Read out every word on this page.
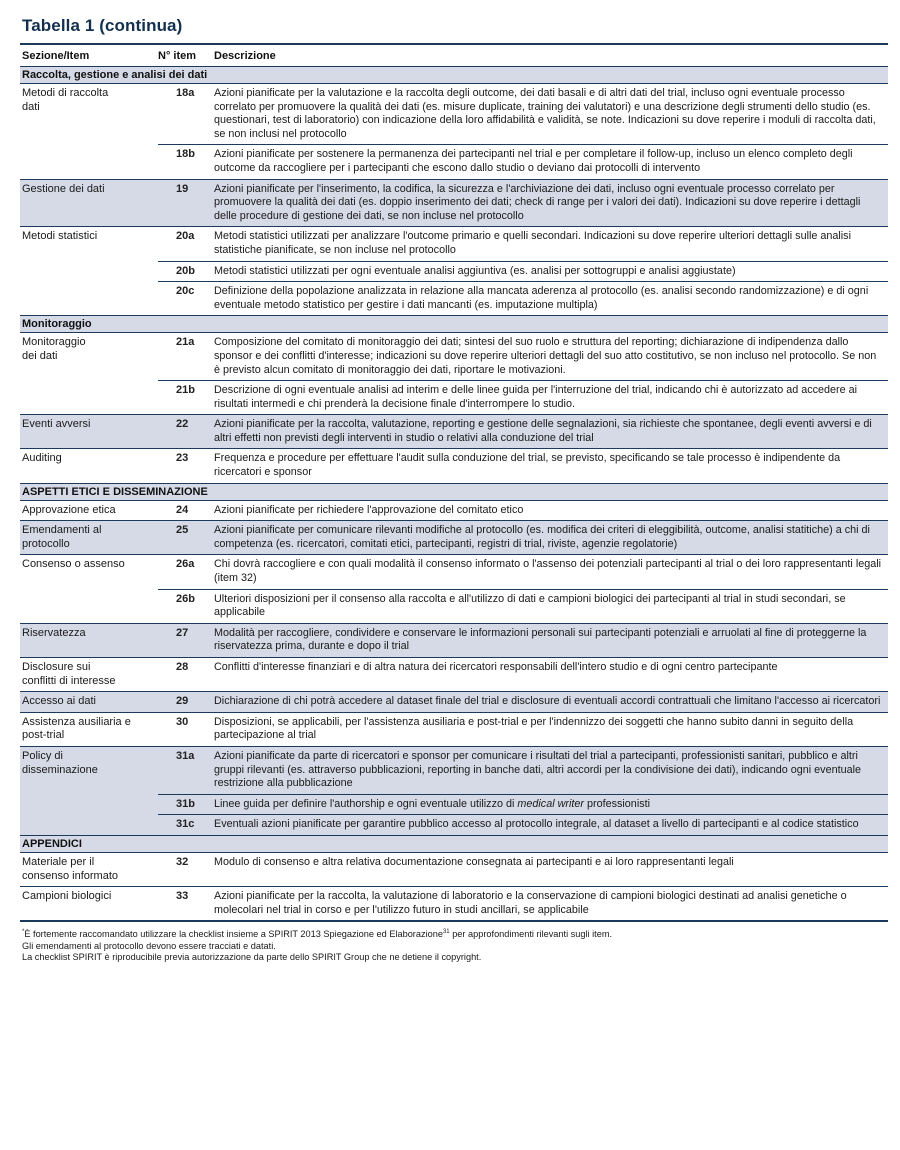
Tabella 1 (continua)
Sezione/Item	N° item	Descrizione
Raccolta, gestione e analisi dei dati
Metodi di raccolta
dati
18a	Azioni pianificate per la valutazione e la raccolta degli outcome, dei dati basali e di altri dati del trial, incluso ogni eventuale processo correlato per promuovere la qualità dei dati (es. misure duplicate, training dei valutatori) e una descrizione degli strumenti dello studio (es. questionari, test di laboratorio) con indicazione della loro affidabilità e validità, se note. Indicazioni su dove reperire i moduli di raccolta dati, se non inclusi nel protocollo
18b	Azioni pianificate per sostenere la permanenza dei partecipanti nel trial e per completare il follow-up, incluso un elenco completo degli outcome da raccogliere per i partecipanti che escono dallo studio o deviano dai protocolli di intervento
Gestione dei dati	19	Azioni pianificate per l'inserimento, la codifica, la sicurezza e l'archiviazione dei dati, incluso ogni eventuale processo correlato per promuovere la qualità dei dati (es. doppio inserimento dei dati; check di range per i valori dei dati). Indicazioni su dove reperire i dettagli delle procedure di gestione dei dati, se non incluse nel protocollo
Metodi statistici	20a	Metodi statistici utilizzati per analizzare l'outcome primario e quelli secondari. Indicazioni su dove reperire ulteriori dettagli sulle analisi statistiche pianificate, se non incluse nel protocollo
20b	Metodi statistici utilizzati per ogni eventuale analisi aggiuntiva (es. analisi per sottogruppi e analisi aggiustate)
20c	Definizione della popolazione analizzata in relazione alla mancata aderenza al protocollo (es. analisi secondo randomizzazione) e di ogni eventuale metodo statistico per gestire i dati mancanti (es. imputazione multipla)
Monitoraggio
Monitoraggio
dei dati
21a	Composizione del comitato di monitoraggio dei dati; sintesi del suo ruolo e struttura del reporting; dichiarazione di indipendenza dallo sponsor e dei conflitti d'interesse; indicazioni su dove reperire ulteriori dettagli del suo atto costitutivo, se non incluso nel protocollo. Se non è previsto alcun comitato di monitoraggio dei dati, riportare le motivazioni.
21b	Descrizione di ogni eventuale analisi ad interim e delle linee guida per l'interruzione del trial, indicando chi è autorizzato ad accedere ai risultati intermedi e chi prenderà la decisione finale d'interrompere lo studio.
Eventi avversi	22	Azioni pianificate per la raccolta, valutazione, reporting e gestione delle segnalazioni, sia richieste che spontanee, degli eventi avversi e di altri effetti non previsti degli interventi in studio o relativi alla conduzione del trial
Auditing	23	Frequenza e procedure per effettuare l'audit sulla conduzione del trial, se previsto, specificando se tale processo è indipendente da ricercatori e sponsor
ASPETTI ETICI E DISSEMINAZIONE
Approvazione etica	24	Azioni pianificate per richiedere l'approvazione del comitato etico
Emendamenti al
protocollo
25	Azioni pianificate per comunicare rilevanti modifiche al protocollo (es. modifica dei criteri di eleggibilità, outcome, analisi statitiche) a chi di competenza (es. ricercatori, comitati etici, partecipanti, registri di trial, riviste, agenzie regolatorie)
Consenso o assenso	26a	Chi dovrà raccogliere e con quali modalità il consenso informato o l'assenso dei potenziali partecipanti al trial o dei loro rappresentanti legali (item 32)
26b	Ulteriori disposizioni per il consenso alla raccolta e all'utilizzo di dati e campioni biologici dei partecipanti al trial in studi secondari, se applicabile
Riservatezza	27	Modalità per raccogliere, condividere e conservare le informazioni personali sui partecipanti potenziali e arruolati al fine di proteggerne la riservatezza prima, durante e dopo il trial
Disclosure sui
conflitti di interesse
28	Conflitti d'interesse finanziari e di altra natura dei ricercatori responsabili dell'intero studio e di ogni centro partecipante
Accesso ai dati	29	Dichiarazione di chi potrà accedere al dataset finale del trial e disclosure di eventuali accordi contrattuali che limitano l'accesso ai ricercatori
Assistenza ausiliaria e
post-trial
30	Disposizioni, se applicabili, per l'assistenza ausiliaria e post-trial e per l'indennizzo dei soggetti che hanno subito danni in seguito della partecipazione al trial
Policy di
disseminazione
31a	Azioni pianificate da parte di ricercatori e sponsor per comunicare i risultati del trial a partecipanti, professionisti sanitari, pubblico e altri gruppi rilevanti (es. attraverso pubblicazioni, reporting in banche dati, altri accordi per la condivisione dei dati), indicando ogni eventuale restrizione alla pubblicazione
31b	Linee guida per definire l'authorship e ogni eventuale utilizzo di medical writer professionisti
31c	Eventuali azioni pianificate per garantire pubblico accesso al protocollo integrale, al dataset a livello di partecipanti e al codice statistico
APPENDICI
Materiale per il
consenso informato
32	Modulo di consenso e altra relativa documentazione consegnata ai partecipanti e ai loro rappresentanti legali
Campioni biologici	33	Azioni pianificate per la raccolta, la valutazione di laboratorio e la conservazione di campioni biologici destinati ad analisi genetiche o molecolari nel trial in corso e per l'utilizzo futuro in studi ancillari, se applicabile
*È fortemente raccomandato utilizzare la checklist insieme a SPIRIT 2013 Spiegazione ed Elaborazione$^{31}$ per approfondimenti rilevanti sugli item.
Gli emendamenti al protocollo devono essere tracciati e datati.
La checklist SPIRIT è riproducibile previa autorizzazione da parte dello SPIRIT Group che ne detiene il copyright.
